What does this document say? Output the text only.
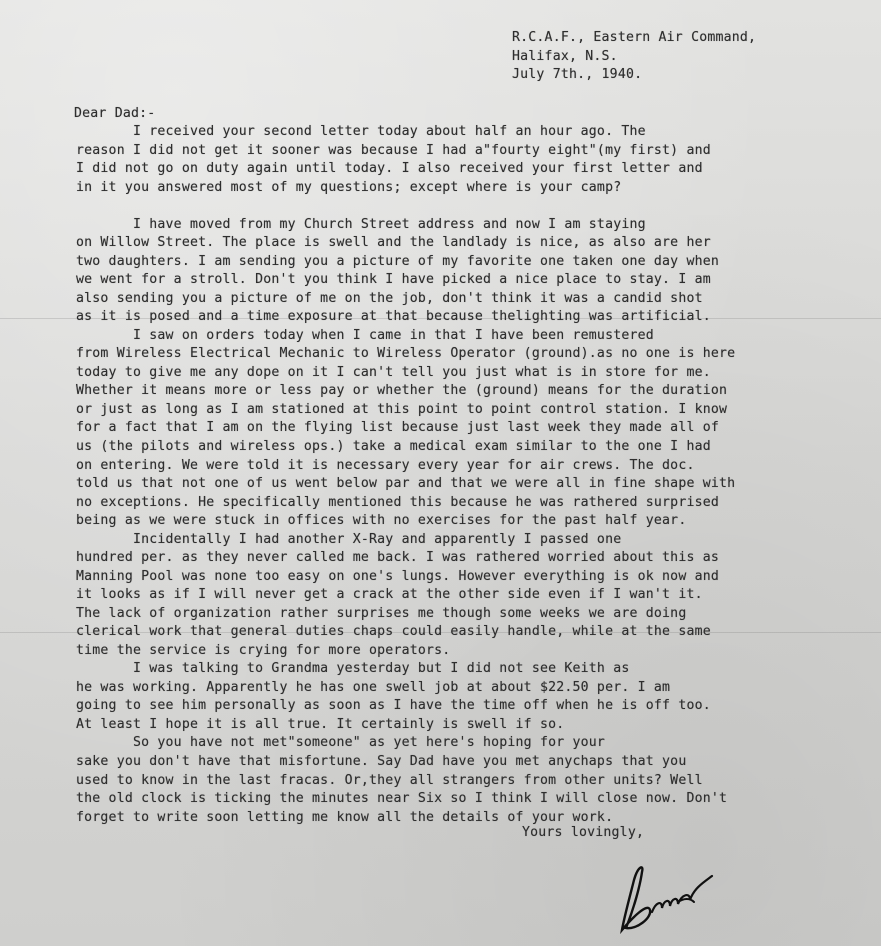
R.C.A.F., Eastern Air Command,

Halifax, N.S.

July 7th., 1940.

Dear Dad:-

I received your second letter today about half an hour ago. The

reason I did not get it sooner was because I had a"fourty eight"(my first) and

I did not go on duty again until today. I also received your first letter and

in it you answered most of my questions; except where is your camp?

I have moved from my Church Street address and now I am staying

on Willow Street. The place is swell and the landlady is nice, as also are her

two daughters. I am sending you a picture of my favorite one taken one day when

we went for a stroll. Don't you think I have picked a nice place to stay. I am

also sending you a picture of me on the job, don't think it was a candid shot

as it is posed and a time exposure at that because thelighting was artificial.

I saw on orders today when I came in that I have been remustered

from Wireless Electrical Mechanic to Wireless Operator (ground).as no one is here

today to give me any dope on it I can't tell you just what is in store for me.

Whether it means more or less pay or whether the (ground) means for the duration

or just as long as I am stationed at this point to point control station. I know

for a fact that I am on the flying list because just last week they made all of

us (the pilots and wireless ops.) take a medical exam similar to the one I had

on entering. We were told it is necessary every year for air crews. The doc.

told us that not one of us went below par and that we were all in fine shape with

no exceptions. He specifically mentioned this because he was rathered surprised

being as we were stuck in offices with no exercises for the past half year.

Incidentally I had another X-Ray and apparently I passed one

hundred per. as they never called me back. I was rathered worried about this as

Manning Pool was none too easy on one's lungs. However everything is ok now and

it looks as if I will never get a crack at the other side even if I wan't it.

The lack of organization rather surprises me though some weeks we are doing

clerical work that general duties chaps could easily handle, while at the same

time the service is crying for more operators.

I was talking to Grandma yesterday but I did not see Keith as

he was working. Apparently he has one swell job at about $22.50 per. I am

going to see him personally as soon as I have the time off when he is off too.

At least I hope it is all true. It certainly is swell if so.

So you have not met"someone" as yet here's hoping for your

sake you don't have that misfortune. Say Dad have you met anychaps that you

used to know in the last fracas. Or,they all strangers from other units? Well

the old clock is ticking the minutes near Six so I think I will close now. Don't

forget to write soon letting me know all the details of your work.

Yours lovingly,
